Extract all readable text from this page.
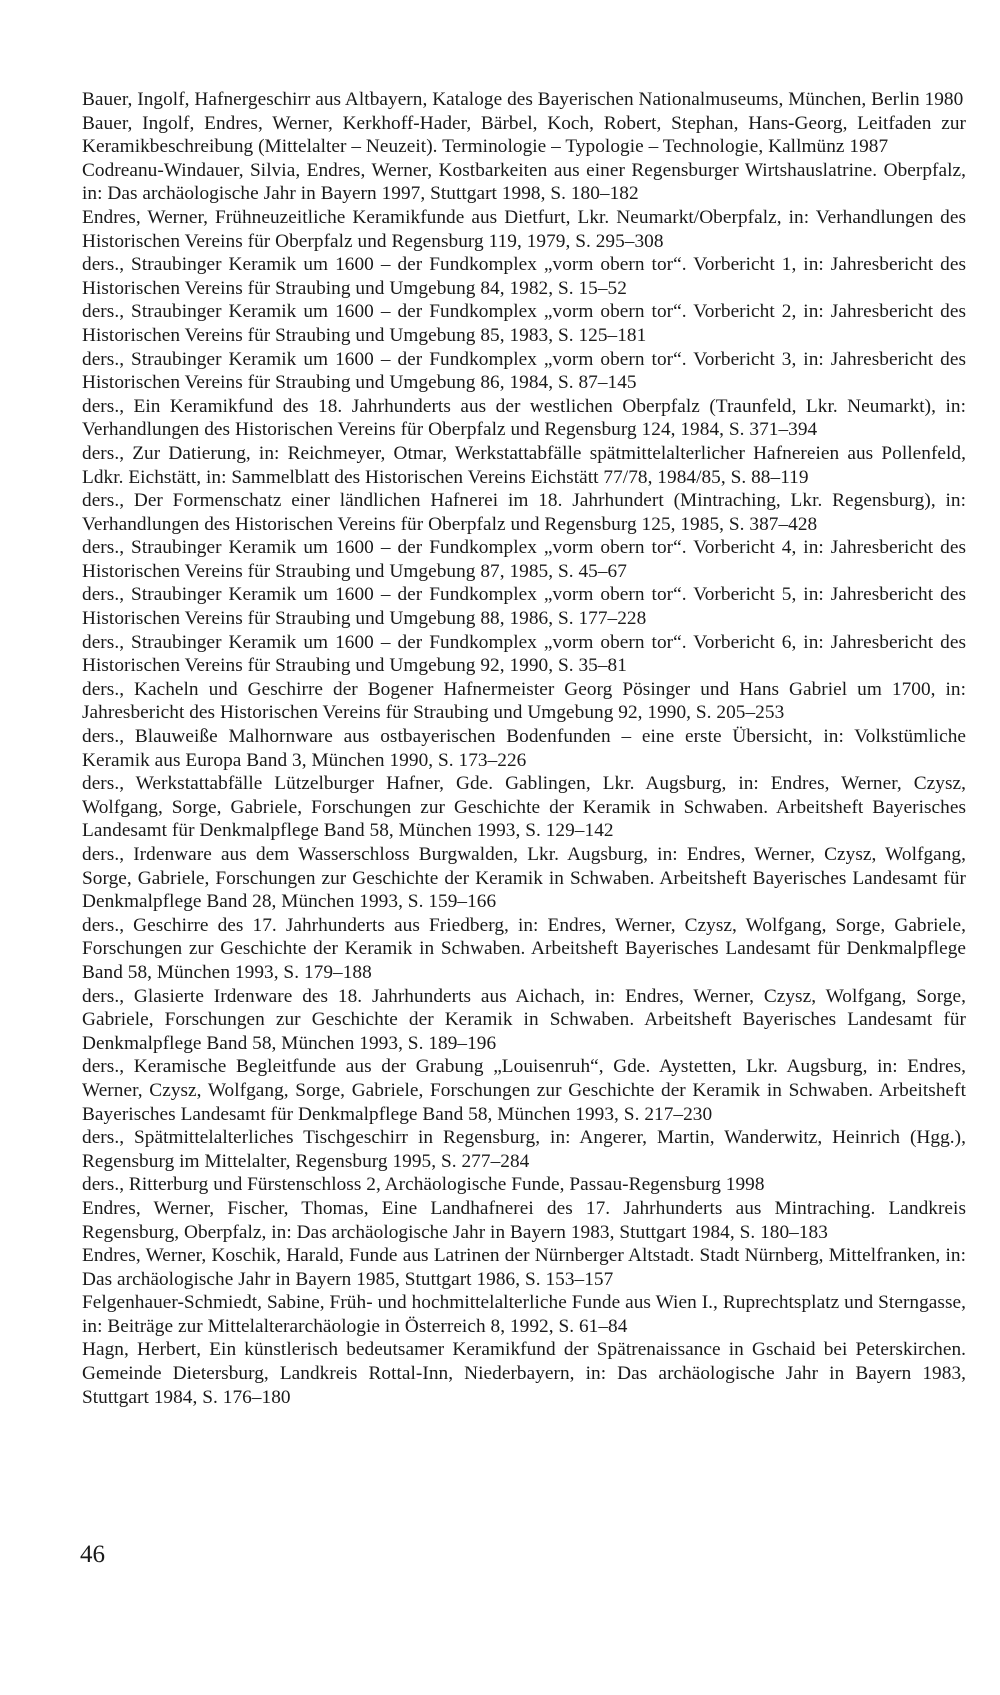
Bauer, Ingolf, Hafnergeschirr aus Altbayern, Kataloge des Bayerischen Nationalmuseums, München, Berlin 1980

Bauer, Ingolf, Endres, Werner, Kerkhoff-Hader, Bärbel, Koch, Robert, Stephan, Hans-Georg, Leitfaden zur Keramikbeschreibung (Mittelalter – Neuzeit). Terminologie – Typologie – Technologie, Kallmünz 1987

Codreanu-Windauer, Silvia, Endres, Werner, Kostbarkeiten aus einer Regensburger Wirtshauslatrine. Oberpfalz, in: Das archäologische Jahr in Bayern 1997, Stuttgart 1998, S. 180–182

Endres, Werner, Frühneuzeitliche Keramikfunde aus Dietfurt, Lkr. Neumarkt/Oberpfalz, in: Verhandlungen des Historischen Vereins für Oberpfalz und Regensburg 119, 1979, S. 295–308

ders., Straubinger Keramik um 1600 – der Fundkomplex „vorm obern tor“. Vorbericht 1, in: Jahresbericht des Historischen Vereins für Straubing und Umgebung 84, 1982, S. 15–52

ders., Straubinger Keramik um 1600 – der Fundkomplex „vorm obern tor“. Vorbericht 2, in: Jahresbericht des Historischen Vereins für Straubing und Umgebung 85, 1983, S. 125–181

ders., Straubinger Keramik um 1600 – der Fundkomplex „vorm obern tor“. Vorbericht 3, in: Jahresbericht des Historischen Vereins für Straubing und Umgebung 86, 1984, S. 87–145

ders., Ein Keramikfund des 18. Jahrhunderts aus der westlichen Oberpfalz (Traunfeld, Lkr. Neumarkt), in: Verhandlungen des Historischen Vereins für Oberpfalz und Regensburg 124, 1984, S. 371–394

ders., Zur Datierung, in: Reichmeyer, Otmar, Werkstattabfälle spätmittelalterlicher Hafnereien aus Pollenfeld, Ldkr. Eichstätt, in: Sammelblatt des Historischen Vereins Eichstätt 77/78, 1984/85, S. 88–119

ders., Der Formenschatz einer ländlichen Hafnerei im 18. Jahrhundert (Mintraching, Lkr. Regensburg), in: Verhandlungen des Historischen Vereins für Oberpfalz und Regensburg 125, 1985, S. 387–428

ders., Straubinger Keramik um 1600 – der Fundkomplex „vorm obern tor“. Vorbericht 4, in: Jahresbericht des Historischen Vereins für Straubing und Umgebung 87, 1985, S. 45–67

ders., Straubinger Keramik um 1600 – der Fundkomplex „vorm obern tor“. Vorbericht 5, in: Jahresbericht des Historischen Vereins für Straubing und Umgebung 88, 1986, S. 177–228

ders., Straubinger Keramik um 1600 – der Fundkomplex „vorm obern tor“. Vorbericht 6, in: Jahresbericht des Historischen Vereins für Straubing und Umgebung 92, 1990, S. 35–81

ders., Kacheln und Geschirre der Bogener Hafnermeister Georg Pösinger und Hans Gabriel um 1700, in: Jahresbericht des Historischen Vereins für Straubing und Umgebung 92, 1990, S. 205–253

ders., Blauweiße Malhornware aus ostbayerischen Bodenfunden – eine erste Übersicht, in: Volkstümliche Keramik aus Europa Band 3, München 1990, S. 173–226

ders., Werkstattabfälle Lützelburger Hafner, Gde. Gablingen, Lkr. Augsburg, in: Endres, Werner, Czysz, Wolfgang, Sorge, Gabriele, Forschungen zur Geschichte der Keramik in Schwaben. Arbeitsheft Bayerisches Landesamt für Denkmalpflege Band 58, München 1993, S. 129–142

ders., Irdenware aus dem Wasserschloss Burgwalden, Lkr. Augsburg, in: Endres, Werner, Czysz, Wolfgang, Sorge, Gabriele, Forschungen zur Geschichte der Keramik in Schwaben. Arbeitsheft Bayerisches Landesamt für Denkmalpflege Band 28, München 1993, S. 159–166

ders., Geschirre des 17. Jahrhunderts aus Friedberg, in: Endres, Werner, Czysz, Wolfgang, Sorge, Gabriele, Forschungen zur Geschichte der Keramik in Schwaben. Arbeitsheft Bayerisches Landesamt für Denkmalpflege Band 58, München 1993, S. 179–188

ders., Glasierte Irdenware des 18. Jahrhunderts aus Aichach, in: Endres, Werner, Czysz, Wolfgang, Sorge, Gabriele, Forschungen zur Geschichte der Keramik in Schwaben. Arbeitsheft Bayerisches Landesamt für Denkmalpflege Band 58, München 1993, S. 189–196

ders., Keramische Begleitfunde aus der Grabung „Louisenruh“, Gde. Aystetten, Lkr. Augsburg, in: Endres, Werner, Czysz, Wolfgang, Sorge, Gabriele, Forschungen zur Geschichte der Keramik in Schwaben. Arbeitsheft Bayerisches Landesamt für Denkmalpflege Band 58, München 1993, S. 217–230

ders., Spätmittelalterliches Tischgeschirr in Regensburg, in: Angerer, Martin, Wanderwitz, Heinrich (Hgg.), Regensburg im Mittelalter, Regensburg 1995, S. 277–284

ders., Ritterburg und Fürstenschloss 2, Archäologische Funde, Passau-Regensburg 1998

Endres, Werner, Fischer, Thomas, Eine Landhafnerei des 17. Jahrhunderts aus Mintraching. Landkreis Regensburg, Oberpfalz, in: Das archäologische Jahr in Bayern 1983, Stuttgart 1984, S. 180–183

Endres, Werner, Koschik, Harald, Funde aus Latrinen der Nürnberger Altstadt. Stadt Nürnberg, Mittelfranken, in: Das archäologische Jahr in Bayern 1985, Stuttgart 1986, S. 153–157

Felgenhauer-Schmiedt, Sabine, Früh- und hochmittelalterliche Funde aus Wien I., Ruprechtsplatz und Sterngasse, in: Beiträge zur Mittelalterarchäologie in Österreich 8, 1992, S. 61–84

Hagn, Herbert, Ein künstlerisch bedeutsamer Keramikfund der Spätrenaissance in Gschaid bei Peterskirchen. Gemeinde Dietersburg, Landkreis Rottal-Inn, Niederbayern, in: Das archäologische Jahr in Bayern 1983, Stuttgart 1984, S. 176–180

46
